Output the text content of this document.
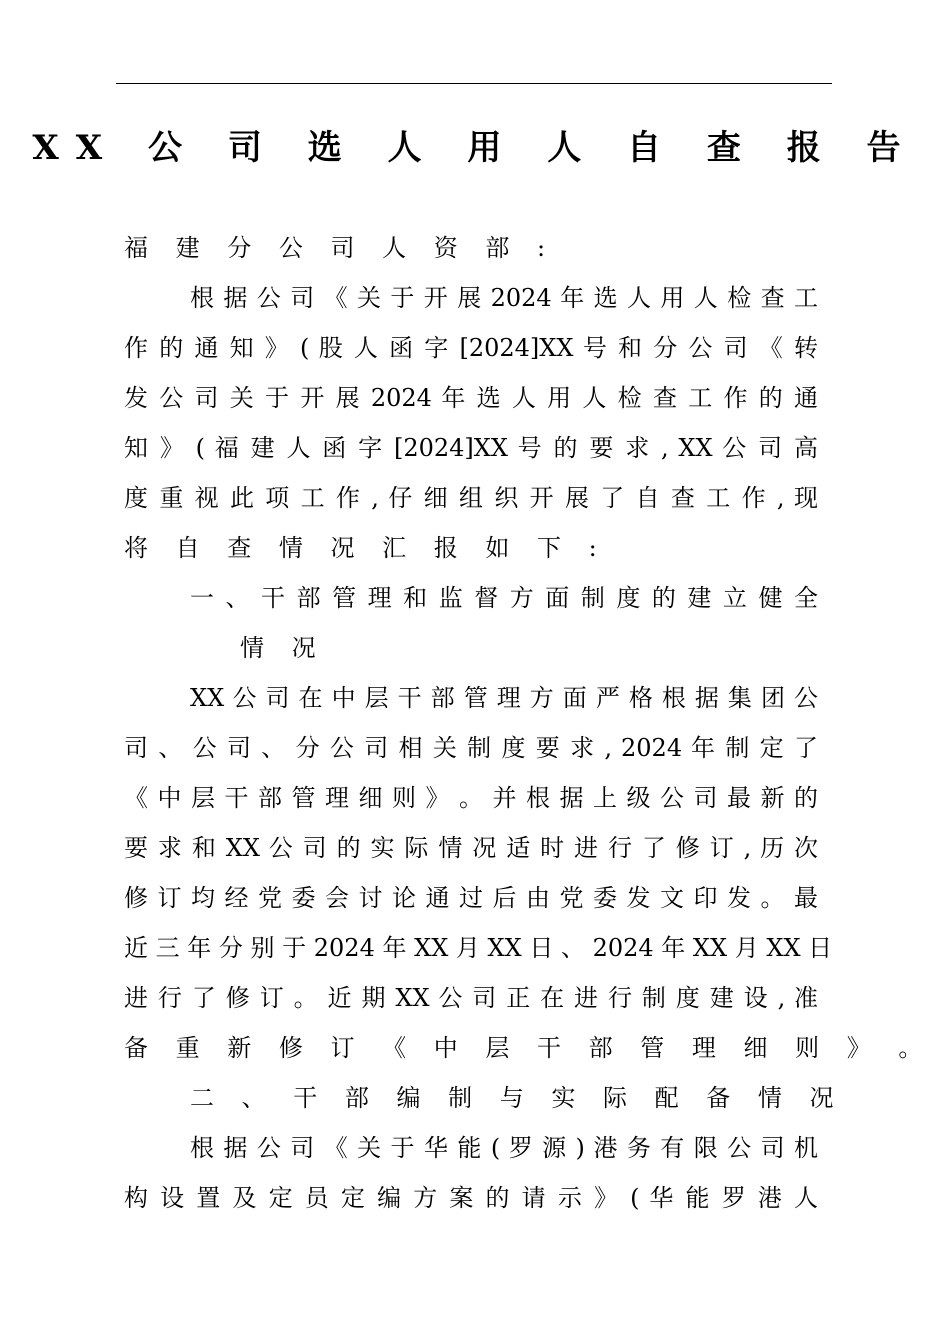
XX 公 司 选 人 用 人 自 查 报 告
福 建 分 公 司 人 资 部 :
根 据 公 司 《 关 于 开 展 2024 年 选 人 用 人 检 查 工
作 的 通 知 》 ( 股 人 函 字 [2024]XX 号 和 分 公 司 《 转
发 公 司 关 于 开 展 2024 年 选 人 用 人 检 查 工 作 的 通
知 》 ( 福 建 人 函 字 [2024]XX 号 的 要 求 , XX 公 司 高
度 重 视 此 项 工 作 , 仔 细 组 织 开 展 了 自 查 工 作 , 现
将 自 查 情 况 汇 报 如 下 :
一 、 干 部 管 理 和 监 督 方 面 制 度 的 建 立 健 全
情 况
XX 公 司 在 中 层 干 部 管 理 方 面 严 格 根 据 集 团 公
司 、 公 司 、 分 公 司 相 关 制 度 要 求 , 2024 年 制 定 了
《 中 层 干 部 管 理 细 则 》 。 并 根 据 上 级 公 司 最 新 的
要 求 和 XX 公 司 的 实 际 情 况 适 时 进 行 了 修 订 , 历 次
修 订 均 经 党 委 会 讨 论 通 过 后 由 党 委 发 文 印 发 。 最
近 三 年 分 别 于 2024 年 XX 月 XX 日 、 2024 年 XX 月 XX 日
进 行 了 修 订 。 近 期 XX 公 司 正 在 进 行 制 度 建 设 , 准
备 重 新 修 订 《 中 层 干 部 管 理 细 则 》 。
二 、 干 部 编 制 与 实 际 配 备 情 况
根 据 公 司 《 关 于 华 能 ( 罗 源 ) 港 务 有 限 公 司 机
构 设 置 及 定 员 定 编 方 案 的 请 示 》 ( 华 能 罗 港 人
